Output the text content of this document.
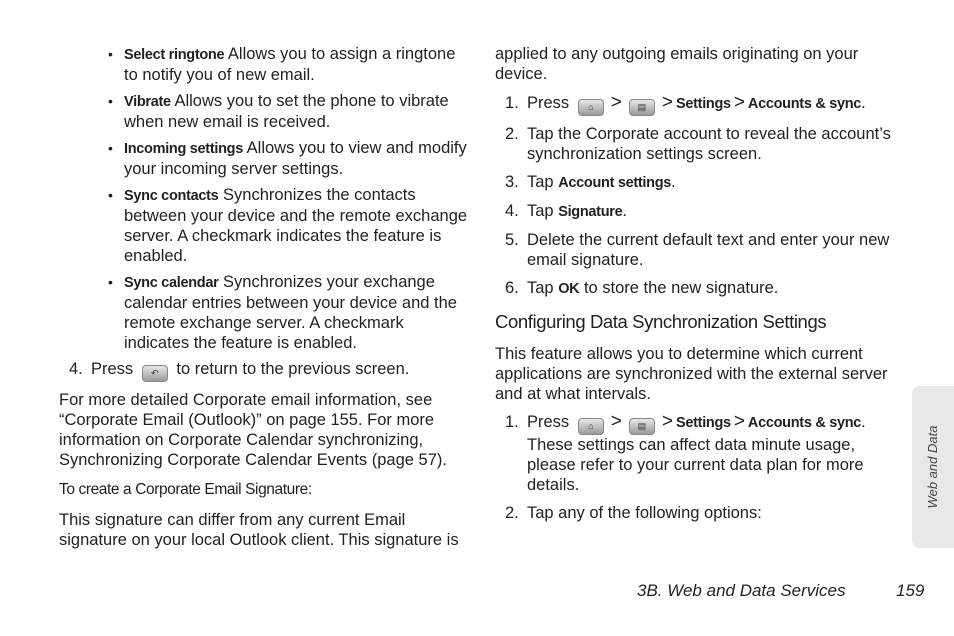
• Select ringtone Allows you to assign a ringtone to notify you of new email.
• Vibrate Allows you to set the phone to vibrate when new email is received.
• Incoming settings Allows you to view and modify your incoming server settings.
• Sync contacts Synchronizes the contacts between your device and the remote exchange server. A checkmark indicates the feature is enabled.
• Sync calendar Synchronizes your exchange calendar entries between your device and the remote exchange server. A checkmark indicates the feature is enabled.
4. Press ↶ to return to the previous screen.

For more detailed Corporate email information, see “Corporate Email (Outlook)” on page 155. For more information on Corporate Calendar synchronizing, Synchronizing Corporate Calendar Events (page 57).

To create a Corporate Email Signature:

This signature can differ from any current Email signature on your local Outlook client. This signature is

applied to any outgoing emails originating on your device.

1. Press ⌂ > ▤ > Settings > Accounts & sync.
2. Tap the Corporate account to reveal the account’s synchronization settings screen.
3. Tap Account settings.
4. Tap Signature.
5. Delete the current default text and enter your new email signature.
6. Tap OK to store the new signature.
Configuring Data Synchronization Settings

This feature allows you to determine which current applications are synchronized with the external server and at what intervals.

1. Press ⌂ > ▤ > Settings > Accounts & sync. These settings can affect data minute usage, please refer to your current data plan for more details.
2. Tap any of the following options:
Web and Data
3B. Web and Data Services	159
